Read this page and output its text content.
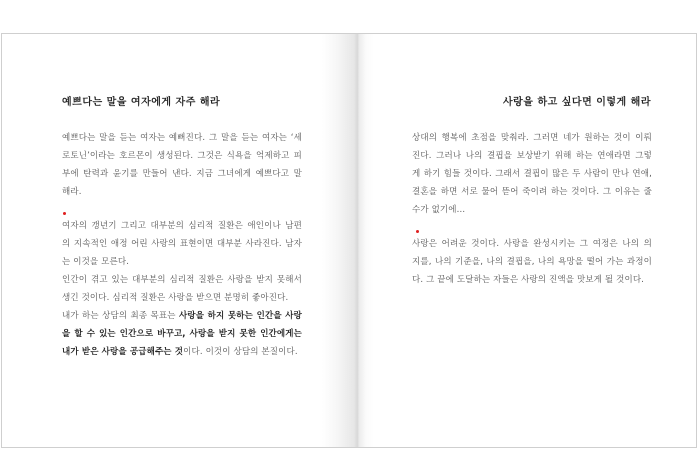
예쁘다는 말을 여자에게 자주 해라
예쁘다는 말을 듣는 여자는 예뻐진다. 그 말을 듣는 여자는 ‘세
로토닌’이라는 호르몬이 생성된다. 그것은 식욕을 억제하고 피
부에 탄력과 윤기를 만들어 낸다. 지금 그녀에게 예쁘다고 말
해라.
여자의 갱년기 그리고 대부분의 심리적 질환은 애인이나 남편
의 지속적인 애정 어린 사랑의 표현이면 대부분 사라진다. 남자
는 이것을 모른다.
인간이 겪고 있는 대부분의 심리적 질환은 사랑을 받지 못해서
생긴 것이다. 심리적 질환은 사랑을 받으면 분명히 좋아진다.
내가 하는 상담의 최종 목표는 사랑을 하지 못하는 인간을 사랑
을 할 수 있는 인간으로 바꾸고, 사랑을 받지 못한 인간에게는
내가 받은 사랑을 공급해주는 것이다. 이것이 상담의 본질이다.
사랑을 하고 싶다면 이렇게 해라
상대의 행복에 초점을 맞춰라. 그러면 네가 원하는 것이 이뤄
진다. 그러나 나의 결핍을 보상받기 위해 하는 연애라면 그렇
게 하기 힘들 것이다. 그래서 결핍이 많은 두 사람이 만나 연애,
결혼을 하면 서로 물어 뜯어 죽이려 하는 것이다. 그 이유는 줄
수가 없기에...
사랑은 어려운 것이다. 사랑을 완성시키는 그 여정은 나의 의
지를, 나의 기준을, 나의 결핍을, 나의 욕망을 떨어 가는 과정이
다. 그 끝에 도달하는 자들은 사랑의 진액을 맛보게 될 것이다.
